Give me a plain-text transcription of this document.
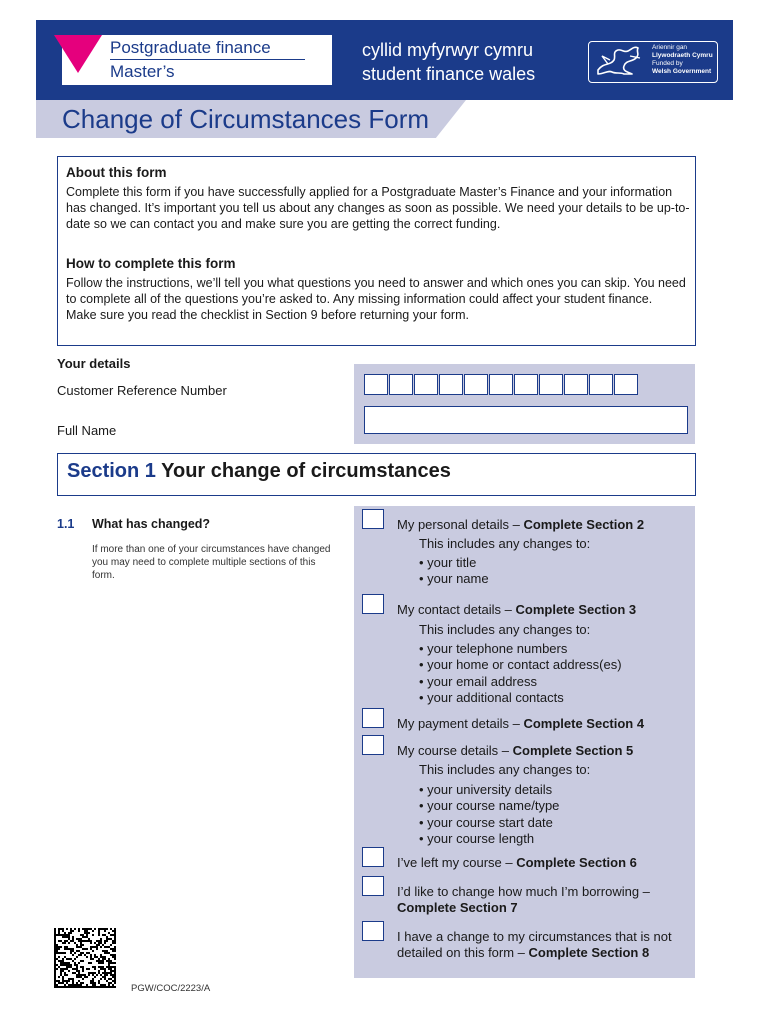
Postgraduate finance
Master’s
cyllid myfyrwyr cymru
student finance wales
Ariennir gan
Llywodraeth Cymru
Funded by
Welsh Government
Change of Circumstances Form
About this form
Complete this form if you have successfully applied for a Postgraduate Master’s Finance and your information has changed. It’s important you tell us about any changes as soon as possible. We need your details to be up-to-date so we can contact you and make sure you are getting the correct funding.
How to complete this form
Follow the instructions, we’ll tell you what questions you need to answer and which ones you can skip. You need to complete all of the questions you’re asked to. Any missing information could affect your student finance. Make sure you read the checklist in Section 9 before returning your form.
Your details
Customer Reference Number
Full Name
Section 1 Your change of circumstances
1.1 What has changed?
If more than one of your circumstances have changed you may need to complete multiple sections of this form.
My personal details – Complete Section 2
This includes any changes to:
• your title
• your name
My contact details – Complete Section 3
This includes any changes to:
• your telephone numbers
• your home or contact address(es)
• your email address
• your additional contacts
My payment details – Complete Section 4
My course details – Complete Section 5
This includes any changes to:
• your university details
• your course name/type
• your course start date
• your course length
I’ve left my course – Complete Section 6
I’d like to change how much I’m borrowing –
Complete Section 7
I have a change to my circumstances that is not detailed on this form – Complete Section 8
PGW/COC/2223/A
